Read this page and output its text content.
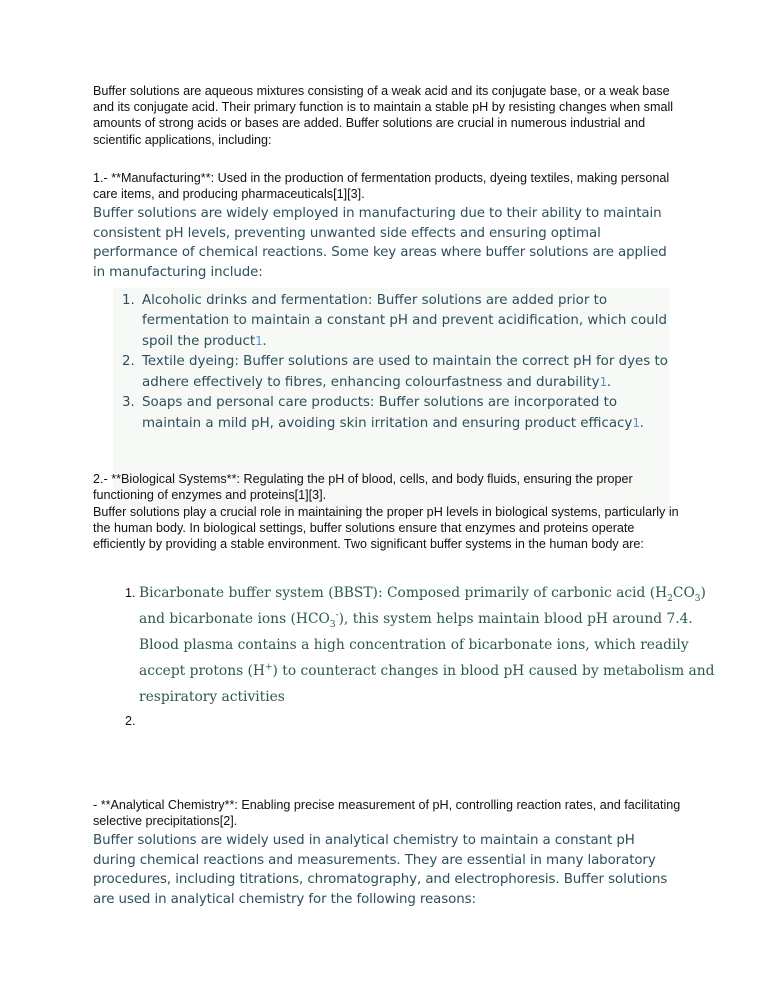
Buffer solutions are aqueous mixtures consisting of a weak acid and its conjugate base, or a weak base and its conjugate acid. Their primary function is to maintain a stable pH by resisting changes when small amounts of strong acids or bases are added. Buffer solutions are crucial in numerous industrial and scientific applications, including:

1.- **Manufacturing**: Used in the production of fermentation products, dyeing textiles, making personal care items, and producing pharmaceuticals[1][3].

Buffer solutions are widely employed in manufacturing due to their ability to maintain consistent pH levels, preventing unwanted side effects and ensuring optimal performance of chemical reactions. Some key areas where buffer solutions are applied in manufacturing include:

1. Alcoholic drinks and fermentation: Buffer solutions are added prior to fermentation to maintain a constant pH and prevent acidification, which could spoil the product1.
2. Textile dyeing: Buffer solutions are used to maintain the correct pH for dyes to adhere effectively to fibres, enhancing colourfastness and durability1.
3. Soaps and personal care products: Buffer solutions are incorporated to maintain a mild pH, avoiding skin irritation and ensuring product efficacy1.

2.- **Biological Systems**: Regulating the pH of blood, cells, and body fluids, ensuring the proper functioning of enzymes and proteins[1][3].

Buffer solutions play a crucial role in maintaining the proper pH levels in biological systems, particularly in the human body. In biological settings, buffer solutions ensure that enzymes and proteins operate efficiently by providing a stable environment. Two significant buffer systems in the human body are:

1. Bicarbonate buffer system (BBST): Composed primarily of carbonic acid $(H_2CO_3)$ and bicarbonate ions $(HCO_3^-)$, this system helps maintain blood pH around 7.4. Blood plasma contains a high concentration of bicarbonate ions, which readily accept protons (H+) to counteract changes in blood pH caused by metabolism and respiratory activities
2.

- **Analytical Chemistry**: Enabling precise measurement of pH, controlling reaction rates, and facilitating selective precipitations[2].

Buffer solutions are widely used in analytical chemistry to maintain a constant pH during chemical reactions and measurements. They are essential in many laboratory procedures, including titrations, chromatography, and electrophoresis. Buffer solutions are used in analytical chemistry for the following reasons:
